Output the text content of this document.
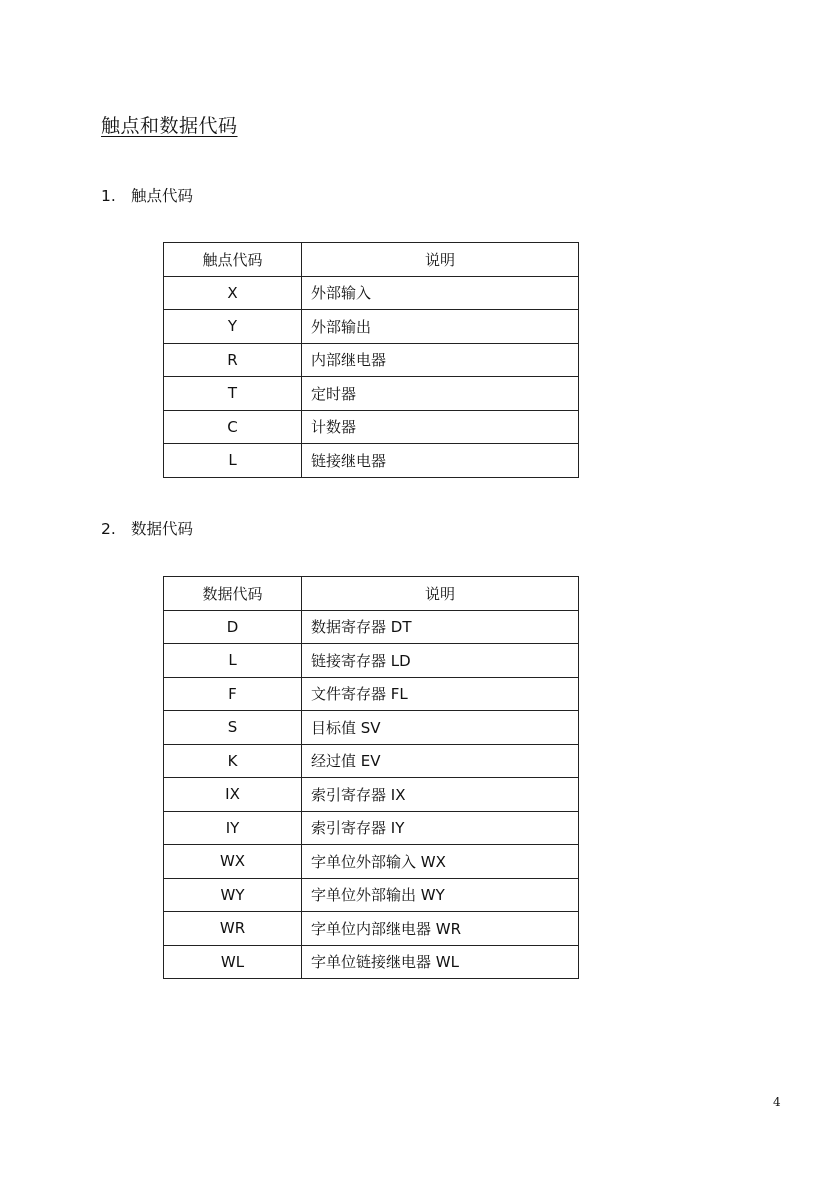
触点和数据代码
1. 触点代码
触点代码	说明
X	外部输入
Y	外部输出
R	内部继电器
T	定时器
C	计数器
L	链接继电器
2. 数据代码
数据代码	说明
D	数据寄存器 DT
L	链接寄存器 LD
F	文件寄存器 FL
S	目标值 SV
K	经过值 EV
IX	索引寄存器 IX
IY	索引寄存器 IY
WX	字单位外部输入 WX
WY	字单位外部输出 WY
WR	字单位内部继电器 WR
WL	字单位链接继电器 WL
4
